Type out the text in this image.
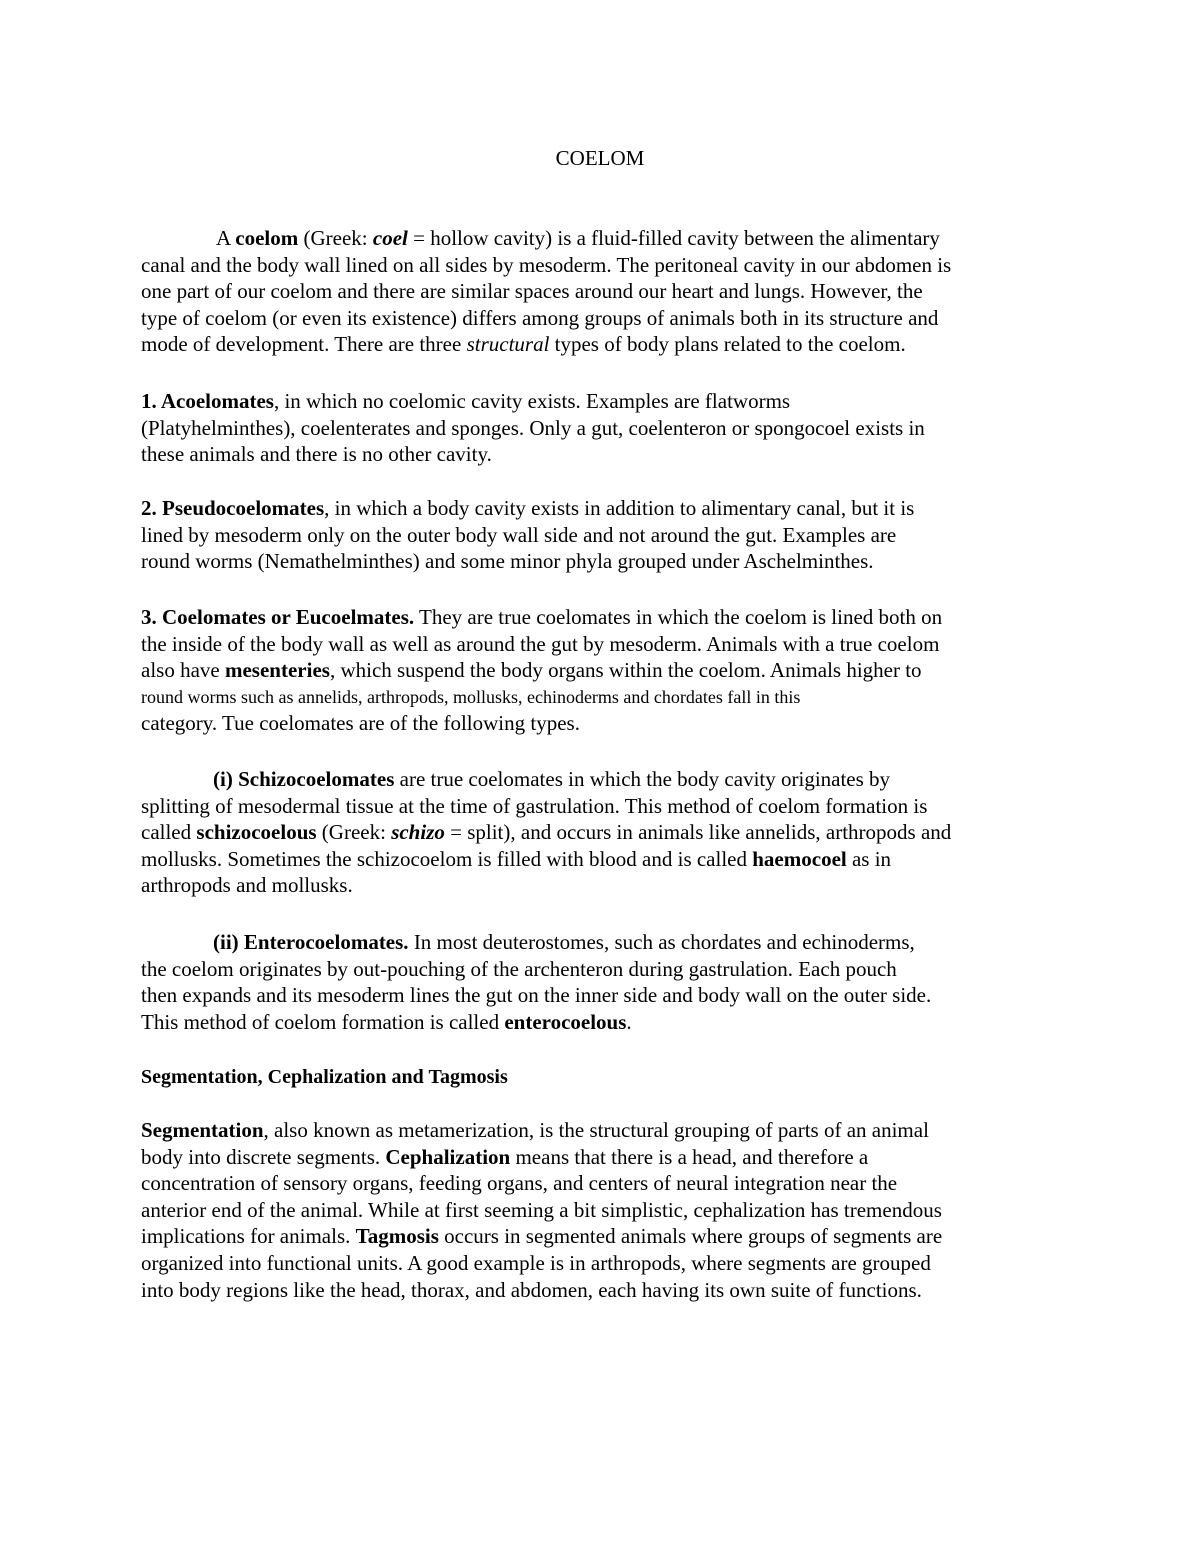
COELOM
A coelom (Greek: coel = hollow cavity) is a fluid-filled cavity between the alimentary
canal and the body wall lined on all sides by mesoderm. The peritoneal cavity in our abdomen is
one part of our coelom and there are similar spaces around our heart and lungs. However, the
type of coelom (or even its existence) differs among groups of animals both in its structure and
mode of development. There are three structural types of body plans related to the coelom.
1. Acoelomates, in which no coelomic cavity exists. Examples are flatworms
(Platyhelminthes), coelenterates and sponges. Only a gut, coelenteron or spongocoel exists in
these animals and there is no other cavity.
2. Pseudocoelomates, in which a body cavity exists in addition to alimentary canal, but it is
lined by mesoderm only on the outer body wall side and not around the gut. Examples are
round worms (Nemathelminthes) and some minor phyla grouped under Aschelminthes.
3. Coelomates or Eucoelmates. They are true coelomates in which the coelom is lined both on
the inside of the body wall as well as around the gut by mesoderm. Animals with a true coelom
also have mesenteries, which suspend the body organs within the coelom. Animals higher to
round worms such as annelids, arthropods, mollusks, echinoderms and chordates fall in this
category. Tue coelomates are of the following types.
(i) Schizocoelomates are true coelomates in which the body cavity originates by
splitting of mesodermal tissue at the time of gastrulation. This method of coelom formation is
called schizocoelous (Greek: schizo = split), and occurs in animals like annelids, arthropods and
mollusks. Sometimes the schizocoelom is filled with blood and is called haemocoel as in
arthropods and mollusks.
(ii) Enterocoelomates. In most deuterostomes, such as chordates and echinoderms,
the coelom originates by out-pouching of the archenteron during gastrulation. Each pouch
then expands and its mesoderm lines the gut on the inner side and body wall on the outer side.
This method of coelom formation is called enterocoelous.
Segmentation, Cephalization and Tagmosis
Segmentation, also known as metamerization, is the structural grouping of parts of an animal
body into discrete segments. Cephalization means that there is a head, and therefore a
concentration of sensory organs, feeding organs, and centers of neural integration near the
anterior end of the animal. While at first seeming a bit simplistic, cephalization has tremendous
implications for animals. Tagmosis occurs in segmented animals where groups of segments are
organized into functional units. A good example is in arthropods, where segments are grouped
into body regions like the head, thorax, and abdomen, each having its own suite of functions.
